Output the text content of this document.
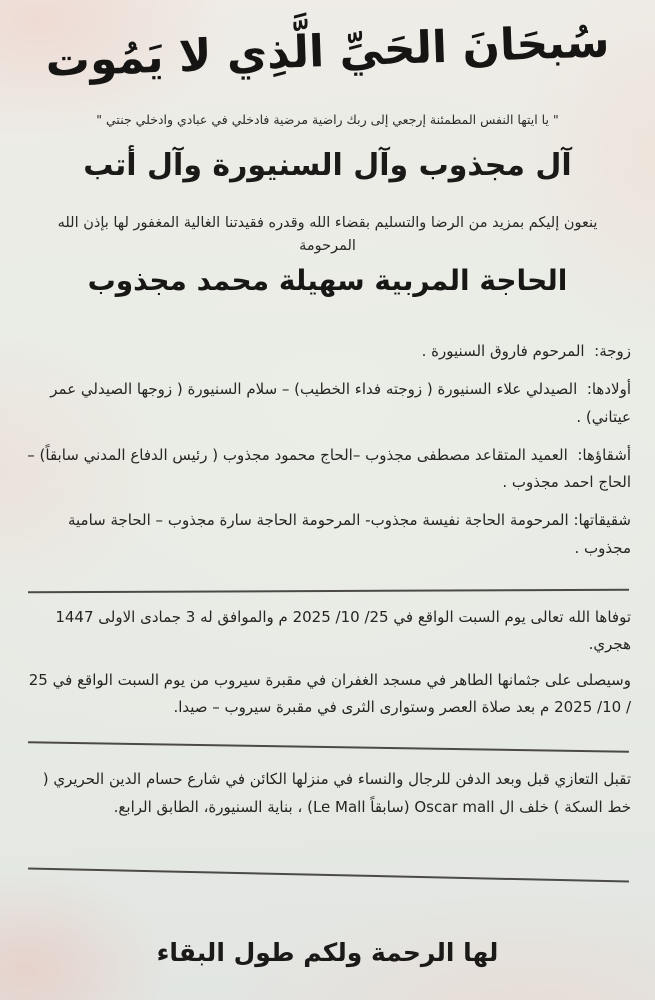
سُبحَانَ الحَيِّ الَّذِي لا يَمُوت
" يا ايتها النفس المطمئنة إرجعي إلى ربك راضية مرضية فادخلي في عبادي وادخلي جنتي "
آل مجذوب وآل السنيورة وآل أتب
ينعون إليكم بمزيد من الرضا والتسليم بقضاء الله وقدره فقيدتنا الغالية المغفور لها بإذن الله
المرحومة
الحاجة المربية سهيلة محمد مجذوب

زوجة:  المرحوم فاروق السنيورة .

أولادها:  الصيدلي علاء السنيورة ( زوجته فداء الخطيب) – سلام السنيورة ( زوجها الصيدلي عمر عيتاني) .

أشقاؤها:  العميد المتقاعد مصطفى مجذوب –الحاج محمود مجذوب ( رئيس الدفاع المدني سابقاً) – الحاج احمد مجذوب .

شقيقاتها: المرحومة الحاجة نفيسة مجذوب- المرحومة الحاجة سارة مجذوب – الحاجة سامية مجذوب .

توفاها الله تعالى يوم السبت الواقع في 25/ 10/ 2025 م والموافق له 3 جمادى الاولى 1447 هجري.

وسيصلى على جثمانها الطاهر في مسجد الغفران في مقبرة سيروب من يوم السبت الواقع في 25 / 10/ 2025 م بعد صلاة العصر وستوارى الثرى في مقبرة سيروب – صيدا.

تقبل التعازي قبل وبعد الدفن للرجال والنساء في منزلها الكائن في شارع حسام الدين الحريري ( خط السكة ) خلف ال Oscar mall (سابقاً Le Mall) ، بناية السنيورة، الطابق الرابع.

لها الرحمة ولكم طول البقاء
